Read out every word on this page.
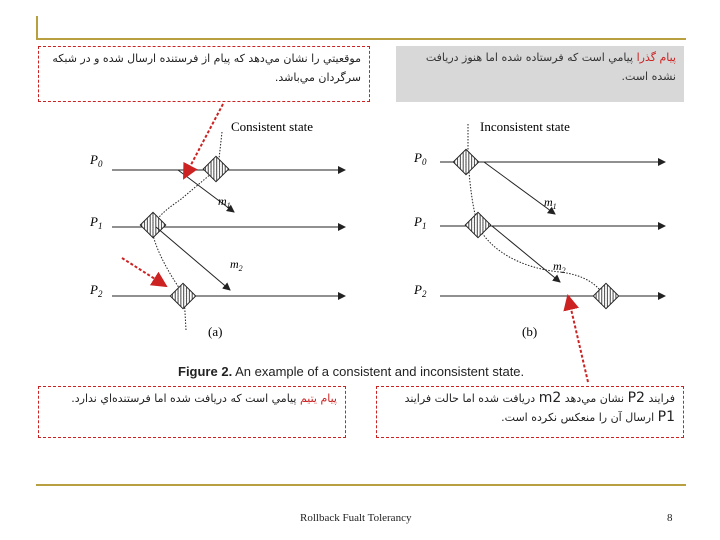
موقعيتي را نشان مي‌دهد که پيام از فرستنده ارسال شده و در شبکه سرگردان مي‌باشد.
پيام گذرا پيامي است که فرستاده شده اما هنوز دريافت نشده است.
پيام يتيم پيامي است که دريافت شده اما فرستنده‌اي ندارد.	فرايند P2 نشان مي‌دهد m2 دريافت شده اما حالت فرايند P1 ارسال آن را منعکس نکرده است.
$P_0$
$P_1$
$P_2$
$m_1$
$m_2$
Consistent state
(a)
$P_0$
$P_1$
$P_2$
$m_1$
$m_2$
Inconsistent state
(b)
Figure 2. An example of a consistent and inconsistent state.
Rollback Fualt Tolerancy	8
